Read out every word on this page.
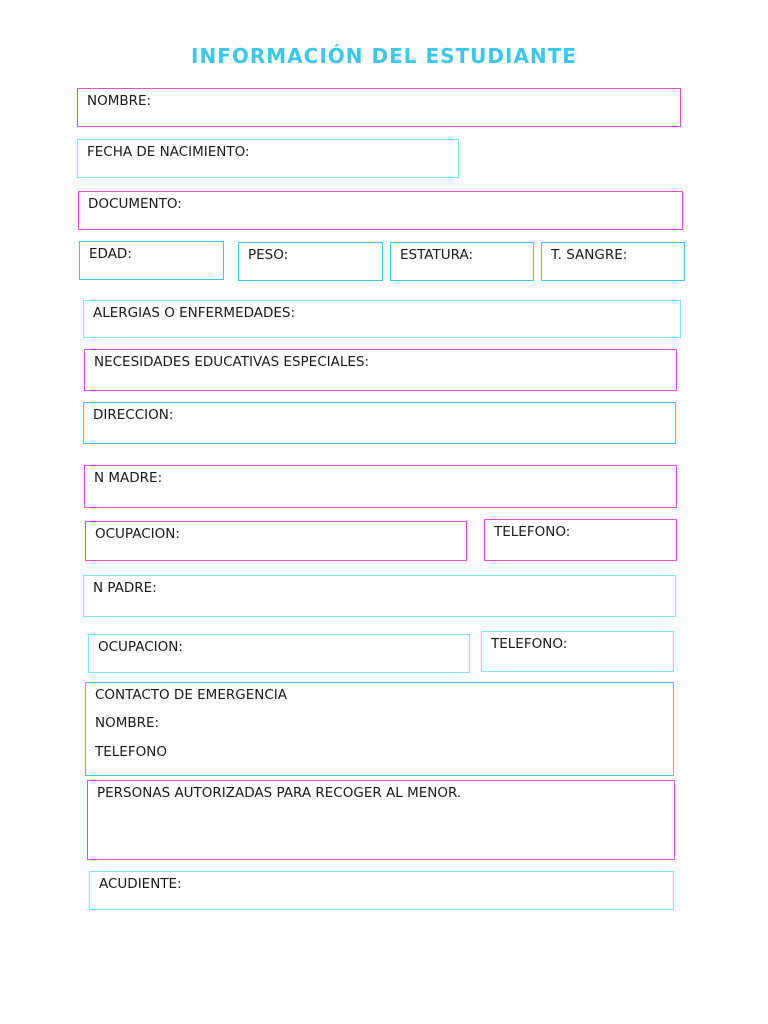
INFORMACIÓN DEL ESTUDIANTE
NOMBRE:
FECHA DE NACIMIENTO:
DOCUMENTO:
EDAD:	PESO:	ESTATURA:	T. SANGRE:
ALERGIAS O ENFERMEDADES:
NECESIDADES EDUCATIVAS ESPECIALES:
DIRECCION:
N MADRE:
OCUPACION:	TELEFONO:
N PADRE:
OCUPACION:	TELEFONO:
CONTACTO DE EMERGENCIA
NOMBRE:
TELEFONO
PERSONAS AUTORIZADAS PARA RECOGER AL MENOR.
ACUDIENTE:
